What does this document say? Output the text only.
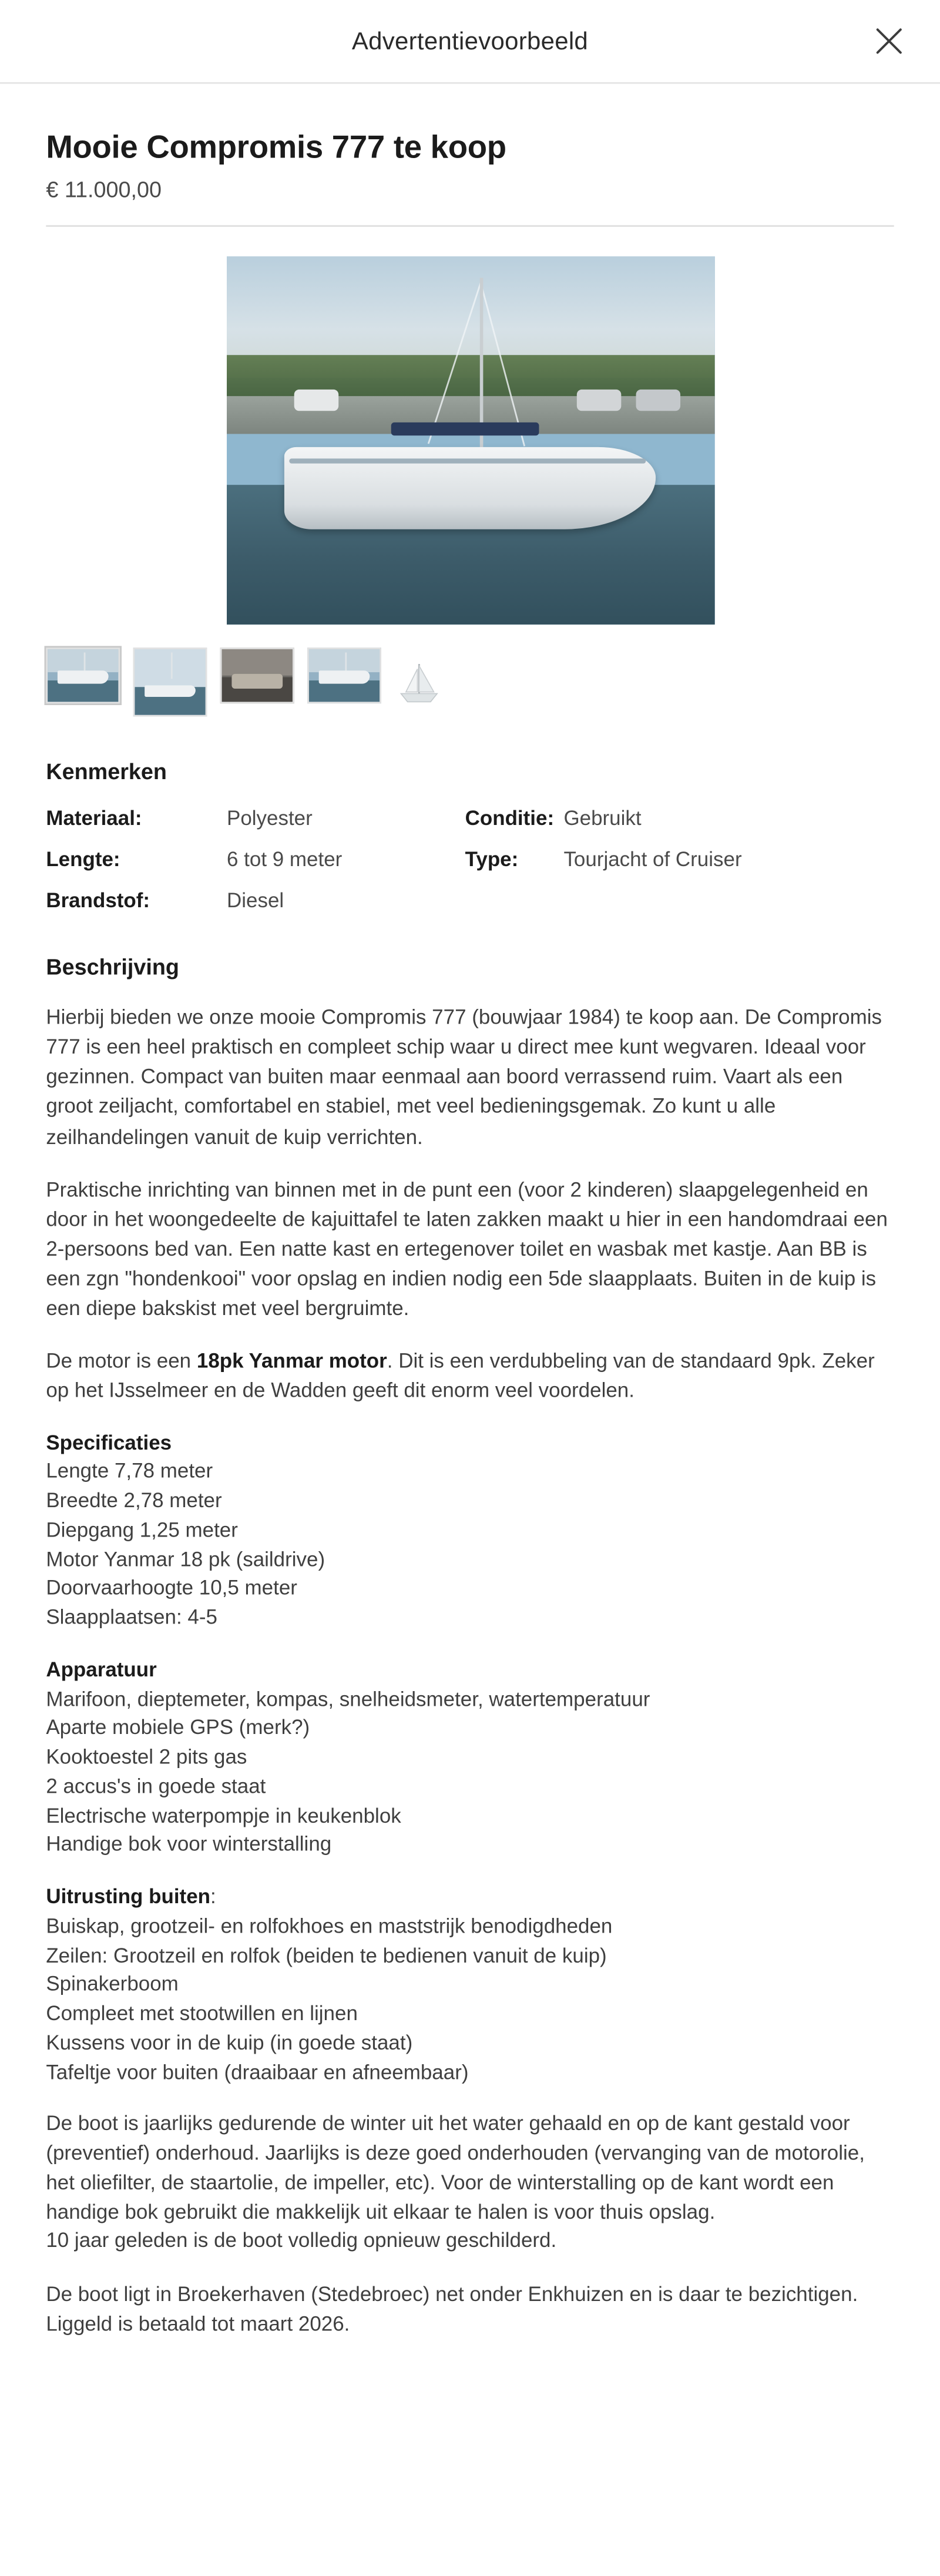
Advertentievoorbeeld
Mooie Compromis 777 te koop
€ 11.000,00
Kenmerken
Materiaal:	Polyester	Conditie:	Gebruikt
Lengte:	6 tot 9 meter	Type:	Tourjacht of Cruiser
Brandstof:	Diesel
Beschrijving

Hierbij bieden we onze mooie Compromis 777 (bouwjaar 1984) te koop aan. De Compromis 777 is een heel praktisch en compleet schip waar u direct mee kunt wegvaren. Ideaal voor gezinnen. Compact van buiten maar eenmaal aan boord verrassend ruim. Vaart als een groot zeiljacht, comfortabel en stabiel, met veel bedieningsgemak. Zo kunt u alle zeilhandelingen vanuit de kuip verrichten.

Praktische inrichting van binnen met in de punt een (voor 2 kinderen) slaapgelegenheid en door in het woongedeelte de kajuittafel te laten zakken maakt u hier in een handomdraai een 2-persoons bed van. Een natte kast en ertegenover toilet en wasbak met kastje. Aan BB is een zgn "hondenkooi" voor opslag en indien nodig een 5de slaapplaats. Buiten in de kuip is een diepe bakskist met veel bergruimte.

De motor is een 18pk Yanmar motor. Dit is een verdubbeling van de standaard 9pk. Zeker op het IJsselmeer en de Wadden geeft dit enorm veel voordelen.

Specificaties
Lengte 7,78 meter
Breedte 2,78 meter
Diepgang 1,25 meter
Motor Yanmar 18 pk (saildrive)
Doorvaarhoogte 10,5 meter
Slaapplaatsen: 4-5
Apparatuur
Marifoon, dieptemeter, kompas, snelheidsmeter, watertemperatuur
Aparte mobiele GPS (merk?)
Kooktoestel 2 pits gas
2 accus's in goede staat
Electrische waterpompje in keukenblok
Handige bok voor winterstalling
Uitrusting buiten:
Buiskap, grootzeil- en rolfokhoes en maststrijk benodigdheden
Zeilen: Grootzeil en rolfok (beiden te bedienen vanuit de kuip)
Spinakerboom
Compleet met stootwillen en lijnen
Kussens voor in de kuip (in goede staat)
Tafeltje voor buiten (draaibaar en afneembaar)
De boot is jaarlijks gedurende de winter uit het water gehaald en op de kant gestald voor (preventief) onderhoud. Jaarlijks is deze goed onderhouden (vervanging van de motorolie, het oliefilter, de staartolie, de impeller, etc). Voor de winterstalling op de kant wordt een handige bok gebruikt die makkelijk uit elkaar te halen is voor thuis opslag.
10 jaar geleden is de boot volledig opnieuw geschilderd.

De boot ligt in Broekerhaven (Stedebroec) net onder Enkhuizen en is daar te bezichtigen. Liggeld is betaald tot maart 2026.
